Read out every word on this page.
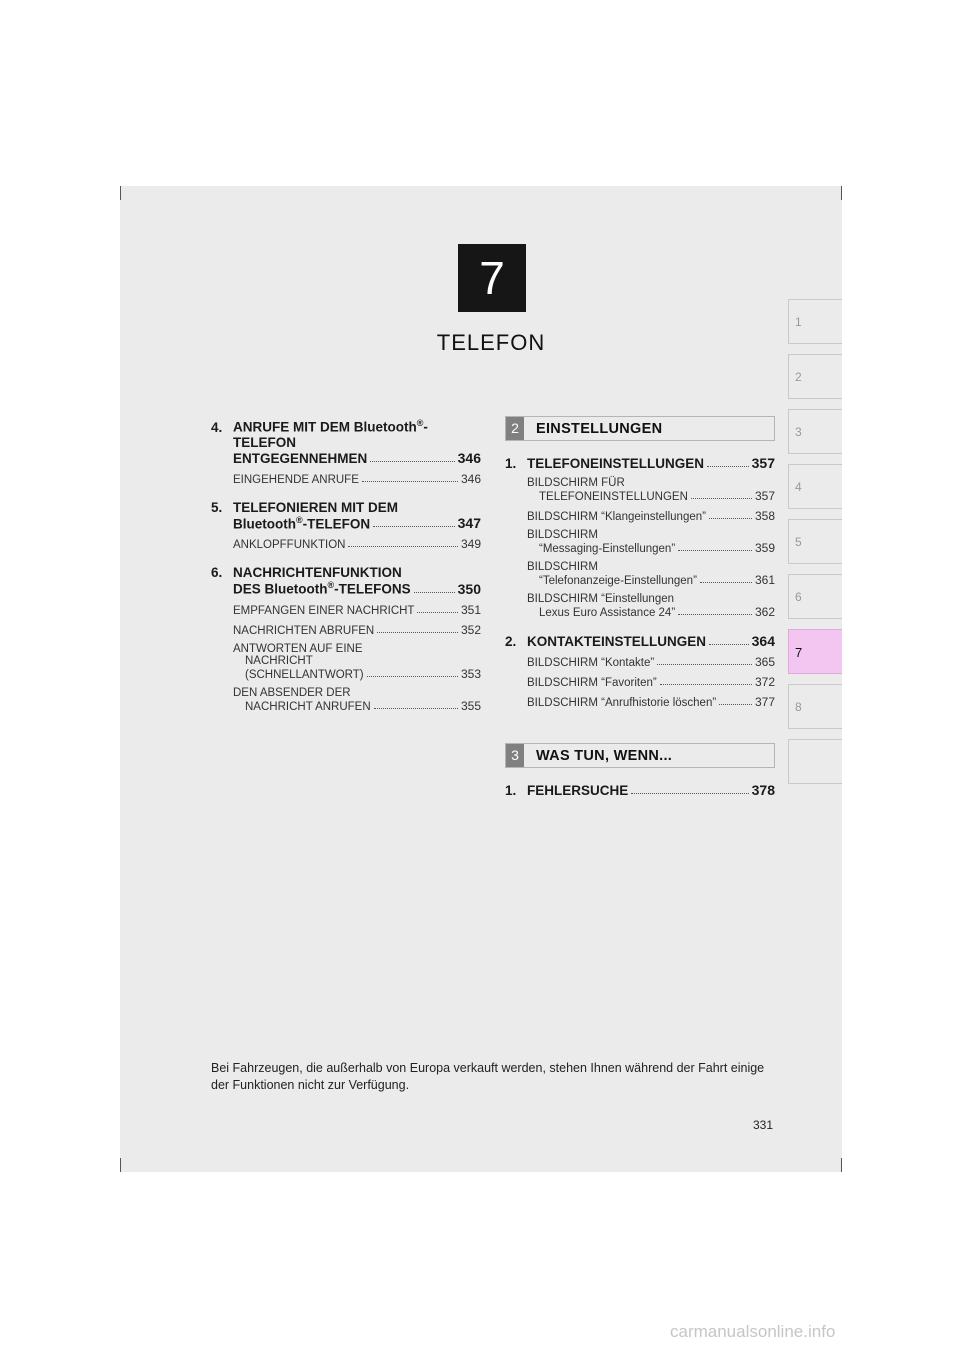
7
TELEFON
1
2
3
4
5
6
7
8
4. ANRUFE MIT DEM Bluetooth®-
TELEFON
ENTGEGENNEHMEN	346
EINGEHENDE ANRUFE	346
5. TELEFONIEREN MIT DEM
Bluetooth®-TELEFON	347
ANKLOPFFUNKTION	349
6. NACHRICHTENFUNKTION
DES Bluetooth®-TELEFONS	350
EMPFANGEN EINER NACHRICHT	351
NACHRICHTEN ABRUFEN	352
ANTWORTEN AUF EINE
NACHRICHT
(SCHNELLANTWORT)	353
DEN ABSENDER DER
NACHRICHT ANRUFEN	355
2	EINSTELLUNGEN
1. TELEFONEINSTELLUNGEN	357
BILDSCHIRM FÜR
TELEFONEINSTELLUNGEN	357
BILDSCHIRM “Klangeinstellungen”	358
BILDSCHIRM
“Messaging-Einstellungen”	359
BILDSCHIRM
“Telefonanzeige-Einstellungen”	361
BILDSCHIRM “Einstellungen
Lexus Euro Assistance 24”	362
2. KONTAKTEINSTELLUNGEN	364
BILDSCHIRM “Kontakte”	365
BILDSCHIRM “Favoriten”	372
BILDSCHIRM “Anrufhistorie löschen”	377
3	WAS TUN, WENN...
1. FEHLERSUCHE	378
Bei Fahrzeugen, die außerhalb von Europa verkauft werden, stehen Ihnen während der Fahrt einige der Funktionen nicht zur Verfügung.
331
carmanualsonline.info
